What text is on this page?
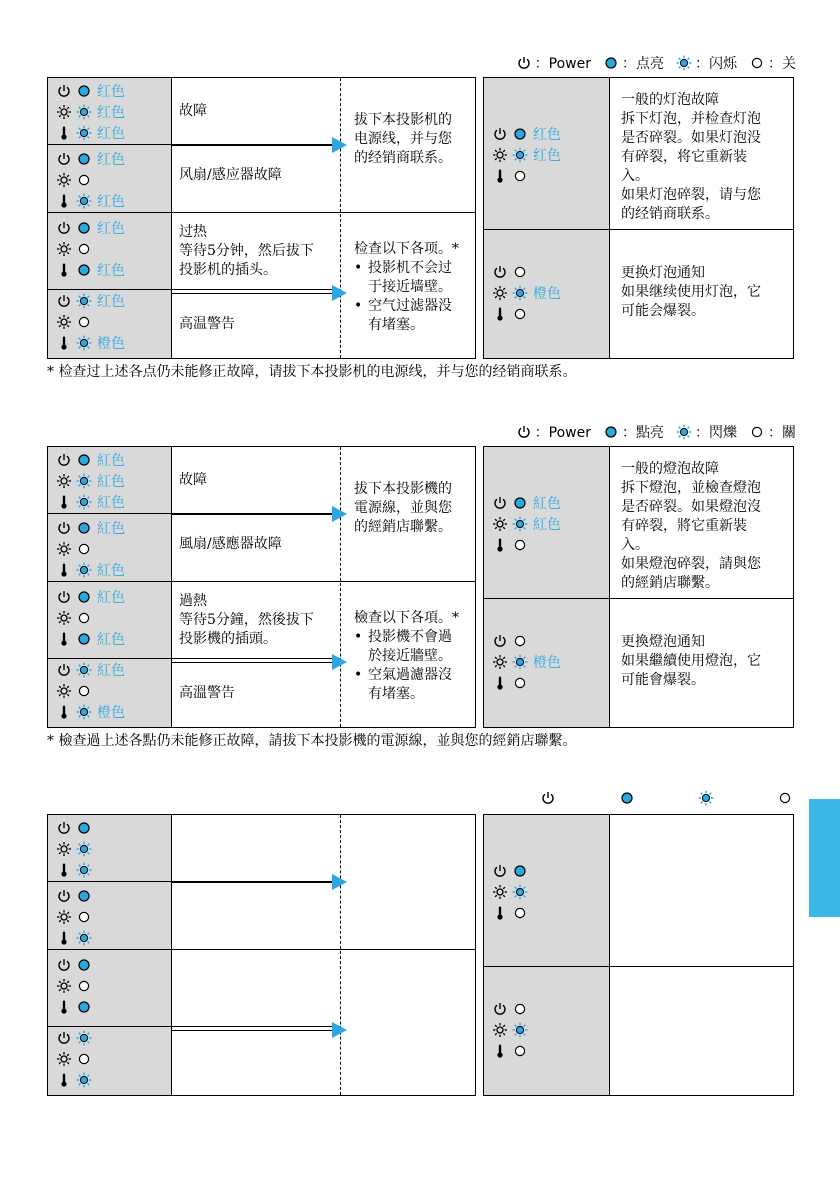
：Power ：点亮 ：闪烁 ：关
红色
红色
红色
故障
红色
红色
风扇/感应器故障
红色
红色
过热
等待5分钟，然后拔下
投影机的插头。
红色
橙色
高温警告
拔下本投影机的
电源线，并与您
的经销商联系。
检查以下各项。*
• 投影机不会过
于接近墙壁。
• 空气过滤器没
有堵塞。
红色
红色
一般的灯泡故障
拆下灯泡，并检查灯泡
是否碎裂。如果灯泡没
有碎裂，将它重新装
入。
如果灯泡碎裂，请与您
的经销商联系。
橙色
更换灯泡通知
如果继续使用灯泡，它
可能会爆裂。
* 检查过上述各点仍未能修正故障，请拔下本投影机的电源线，并与您的经销商联系。
：Power ：點亮 ：閃爍 ：關
紅色
紅色
紅色
故障
紅色
紅色
風扇/感應器故障
紅色
紅色
過熱
等待5分鐘，然後拔下
投影機的插頭。
紅色
橙色
高溫警告
拔下本投影機的
電源線，並與您
的經銷店聯繫。
檢查以下各項。*
• 投影機不會過
於接近牆壁。
• 空氣過濾器沒
有堵塞。
紅色
紅色
一般的燈泡故障
拆下燈泡，並檢查燈泡
是否碎裂。如果燈泡沒
有碎裂，將它重新裝
入。
如果燈泡碎裂，請與您
的經銷店聯繫。
橙色
更換燈泡通知
如果繼續使用燈泡，它
可能會爆裂。
* 檢查過上述各點仍未能修正故障，請拔下本投影機的電源線，並與您的經銷店聯繫。
